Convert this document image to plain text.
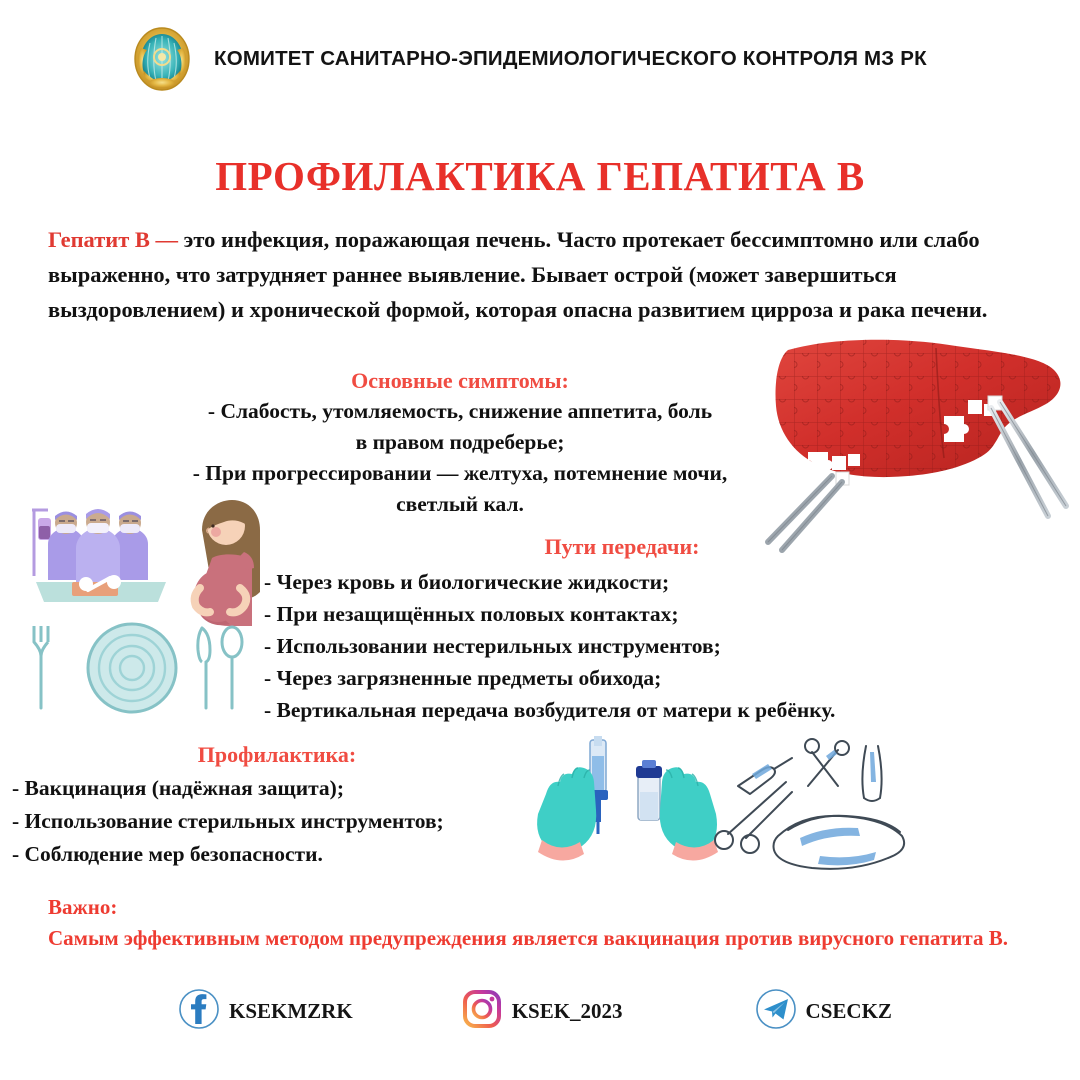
КОМИТЕТ САНИТАРНО-ЭПИДЕМИОЛОГИЧЕСКОГО КОНТРОЛЯ МЗ РК
ПРОФИЛАКТИКА ГЕПАТИТА В
Гепатит В — это инфекция, поражающая печень. Часто протекает бессимптомно или слабо выраженно, что затрудняет раннее выявление. Бывает острой (может завершиться выздоровлением) и хронической формой, которая опасна развитием цирроза и рака печени.
Основные симптомы:
- Слабость, утомляемость, снижение аппетита, боль
в правом подреберье;
- При прогрессировании — желтуха, потемнение мочи,
светлый кал.
Пути передачи:
- Через кровь и биологические жидкости;
- При незащищённых половых контактах;
- Использовании нестерильных инструментов;
- Через загрязненные предметы обихода;
- Вертикальная передача возбудителя от матери к ребёнку.
Профилактика:
- Вакцинация (надёжная защита);
- Использование стерильных инструментов;
- Соблюдение мер безопасности.
Важно:
Самым эффективным методом предупреждения является вакцинация против вирусного гепатита В.
KSEKMZRK	KSEK_2023	CSECKZ
